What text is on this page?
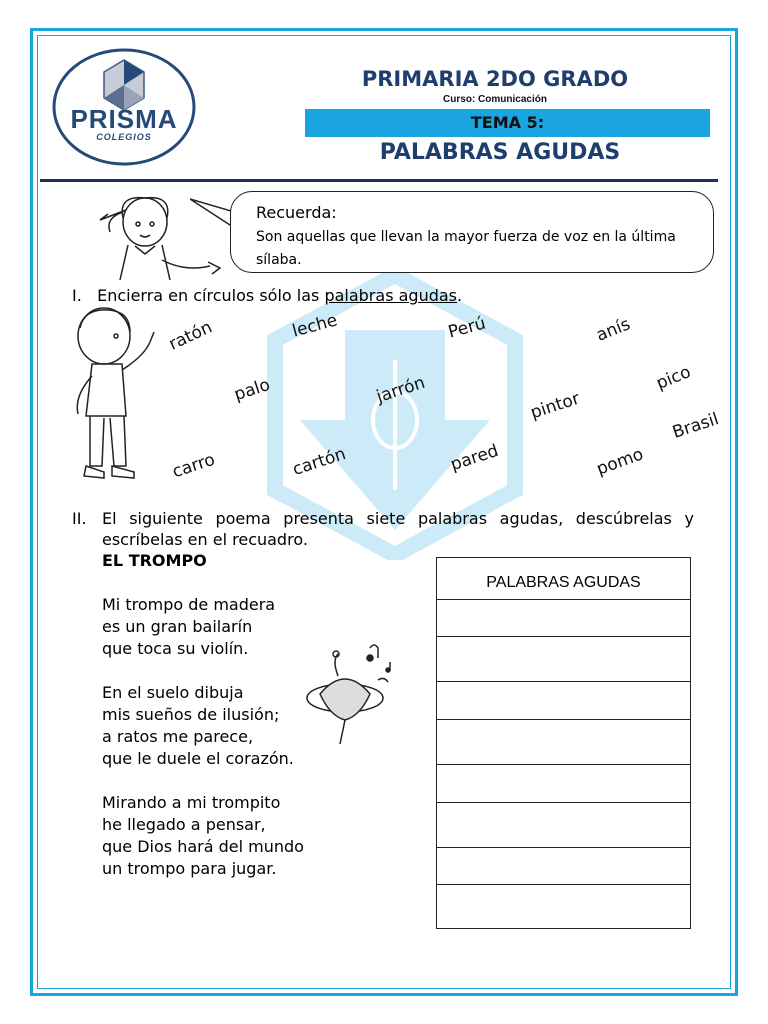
PRISMA
COLEGIOS
PRIMARIA 2DO GRADO
Curso: Comunicación
TEMA 5:
PALABRAS AGUDAS
Recuerda:
Son aquellas que llevan la mayor fuerza de voz en la última sílaba.
I. Encierra en círculos sólo las palabras agudas.
ratón	leche	Perú	anís
palo	jarrón	pico
pintor
Brasil
carro	cartón	pared	pomo
II. El siguiente poema presenta siete palabras agudas, descúbrelas y escríbelas en el recuadro.
EL TROMPO
Mi trompo de madera
es un gran bailarín
que toca su violín.
En el suelo dibuja
mis sueños de ilusión;
a ratos me parece,
que le duele el corazón.
Mirando a mi trompito
he llegado a pensar,
que Dios hará del mundo
un trompo para jugar.
PALABRAS AGUDAS
